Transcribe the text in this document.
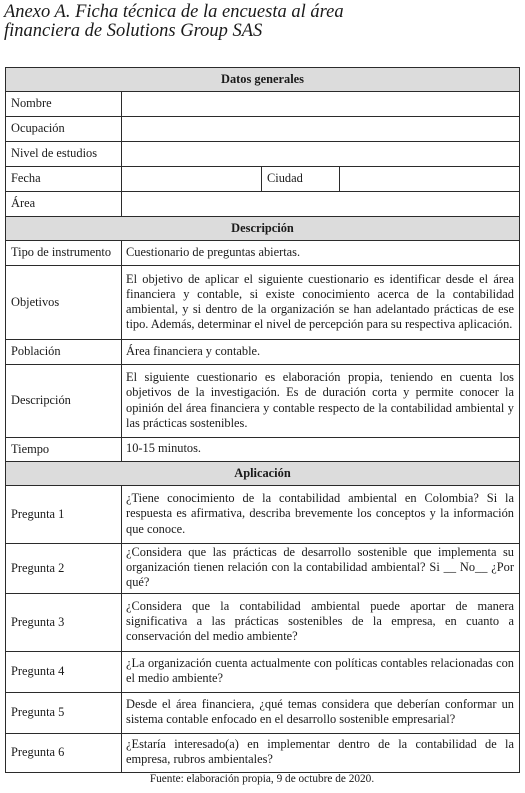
Anexo A. Ficha técnica de la encuesta al área
financiera de Solutions Group SAS
Datos generales			
Nombre			
Ocupación			
Nivel de estudios			
Fecha		Ciudad	
Área			
Descripción			
Tipo de instrumento	Cuestionario de preguntas abiertas.		
Objetivos	El objetivo de aplicar el siguiente cuestionario es identificar desde el área financiera y contable, si existe conocimiento acerca de la contabilidad ambiental, y si dentro de la organización se han adelantado prácticas de ese tipo. Además, determinar el nivel de percepción para su respectiva aplicación.		
Población	Área financiera y contable.		
Descripción	El siguiente cuestionario es elaboración propia, teniendo en cuenta los objetivos de la investigación. Es de duración corta y permite conocer la opinión del área financiera y contable respecto de la contabilidad ambiental y las prácticas sostenibles.		
Tiempo	10-15 minutos.		
Aplicación			
Pregunta 1	¿Tiene conocimiento de la contabilidad ambiental en Colombia? Si la respuesta es afirmativa, describa brevemente los conceptos y la información que conoce.		
Pregunta 2	¿Considera que las prácticas de desarrollo sostenible que implementa su organización tienen relación con la contabilidad ambiental? Si __ No__ ¿Por qué?		
Pregunta 3	¿Considera que la contabilidad ambiental puede aportar de manera significativa a las prácticas sostenibles de la empresa, en cuanto a conservación del medio ambiente?		
Pregunta 4	¿La organización cuenta actualmente con políticas contables relacionadas con el medio ambiente?		
Pregunta 5	Desde el área financiera, ¿qué temas considera que deberían conformar un sistema contable enfocado en el desarrollo sostenible empresarial?		
Pregunta 6	¿Estaría interesado(a) en implementar dentro de la contabilidad de la empresa, rubros ambientales?		
Fuente: elaboración propia, 9 de octubre de 2020.
